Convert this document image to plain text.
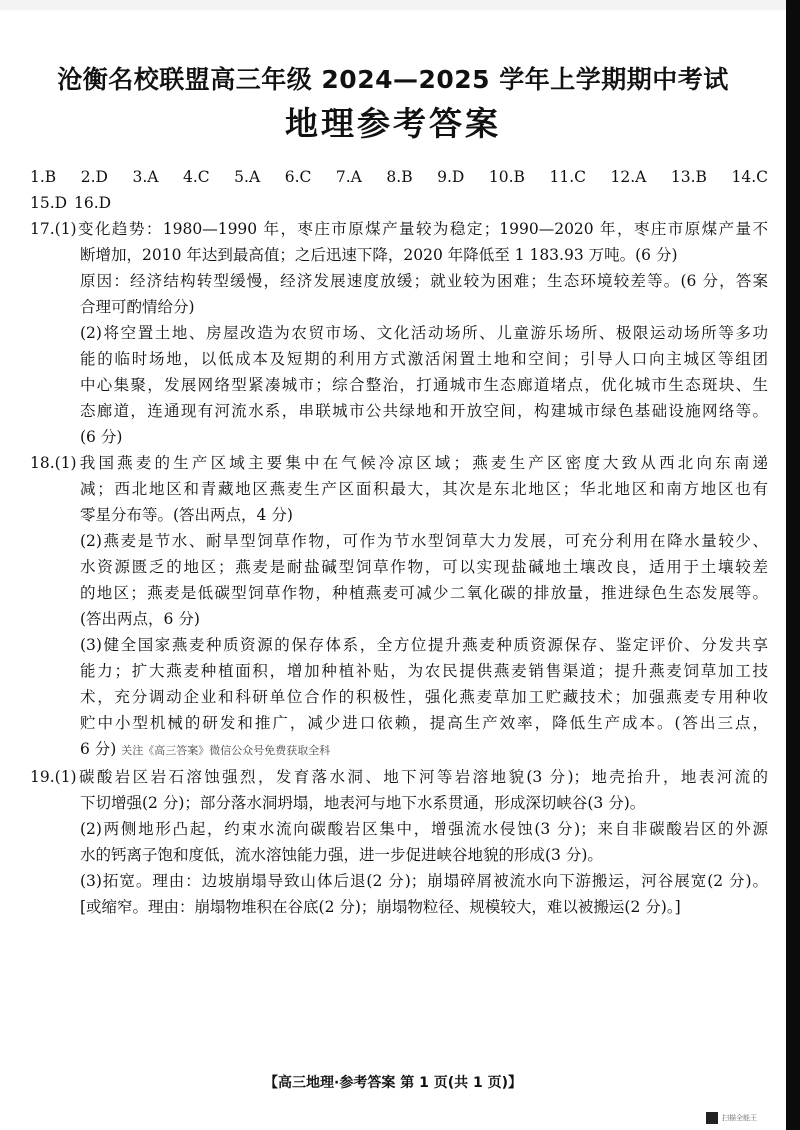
沧衡名校联盟高三年级 2024—2025 学年上学期期中考试
地理参考答案

1.B 2.D 3.A 4.C 5.A 6.C 7.A 8.B 9.D 10.B 11.C 12.A 13.B 14.C

15.D 16.D

17.(1)变化趋势：1980—1990 年，枣庄市原煤产量较为稳定；1990—2020 年，枣庄市原煤产量不

断增加，2010 年达到最高值；之后迅速下降，2020 年降低至 1 183.93 万吨。(6 分)

原因：经济结构转型缓慢，经济发展速度放缓；就业较为困难；生态环境较差等。(6 分，答案

合理可酌情给分)

(2)将空置土地、房屋改造为农贸市场、文化活动场所、儿童游乐场所、极限运动场所等多功

能的临时场地，以低成本及短期的利用方式激活闲置土地和空间；引导人口向主城区等组团

中心集聚，发展网络型紧凑城市；综合整治，打通城市生态廊道堵点，优化城市生态斑块、生

态廊道，连通现有河流水系，串联城市公共绿地和开放空间，构建城市绿色基础设施网络等。

(6 分)

18.(1)我国燕麦的生产区域主要集中在气候冷凉区域；燕麦生产区密度大致从西北向东南递

减；西北地区和青藏地区燕麦生产区面积最大，其次是东北地区；华北地区和南方地区也有

零星分布等。(答出两点，4 分)

(2)燕麦是节水、耐旱型饲草作物，可作为节水型饲草大力发展，可充分利用在降水量较少、

水资源匮乏的地区；燕麦是耐盐碱型饲草作物，可以实现盐碱地土壤改良，适用于土壤较差

的地区；燕麦是低碳型饲草作物，种植燕麦可减少二氧化碳的排放量，推进绿色生态发展等。

(答出两点，6 分)

(3)健全国家燕麦种质资源的保存体系，全方位提升燕麦种质资源保存、鉴定评价、分发共享

能力；扩大燕麦种植面积，增加种植补贴，为农民提供燕麦销售渠道；提升燕麦饲草加工技

术，充分调动企业和科研单位合作的积极性，强化燕麦草加工贮藏技术；加强燕麦专用种收

贮中小型机械的研发和推广，减少进口依赖，提高生产效率，降低生产成本。(答出三点，

6 分) 关注《高三答案》微信公众号免费获取全科

19.(1)碳酸岩区岩石溶蚀强烈，发育落水洞、地下河等岩溶地貌(3 分)；地壳抬升，地表河流的

下切增强(2 分)；部分落水洞坍塌，地表河与地下水系贯通，形成深切峡谷(3 分)。

(2)两侧地形凸起，约束水流向碳酸岩区集中，增强流水侵蚀(3 分)；来自非碳酸岩区的外源

水的钙离子饱和度低，流水溶蚀能力强，进一步促进峡谷地貌的形成(3 分)。

(3)拓宽。理由：边坡崩塌导致山体后退(2 分)；崩塌碎屑被流水向下游搬运，河谷展宽(2 分)。

[或缩窄。理由：崩塌物堆积在谷底(2 分)；崩塌物粒径、规模较大，难以被搬运(2 分)。]

【高三地理·参考答案 第 1 页(共 1 页)】
扫描全能王
